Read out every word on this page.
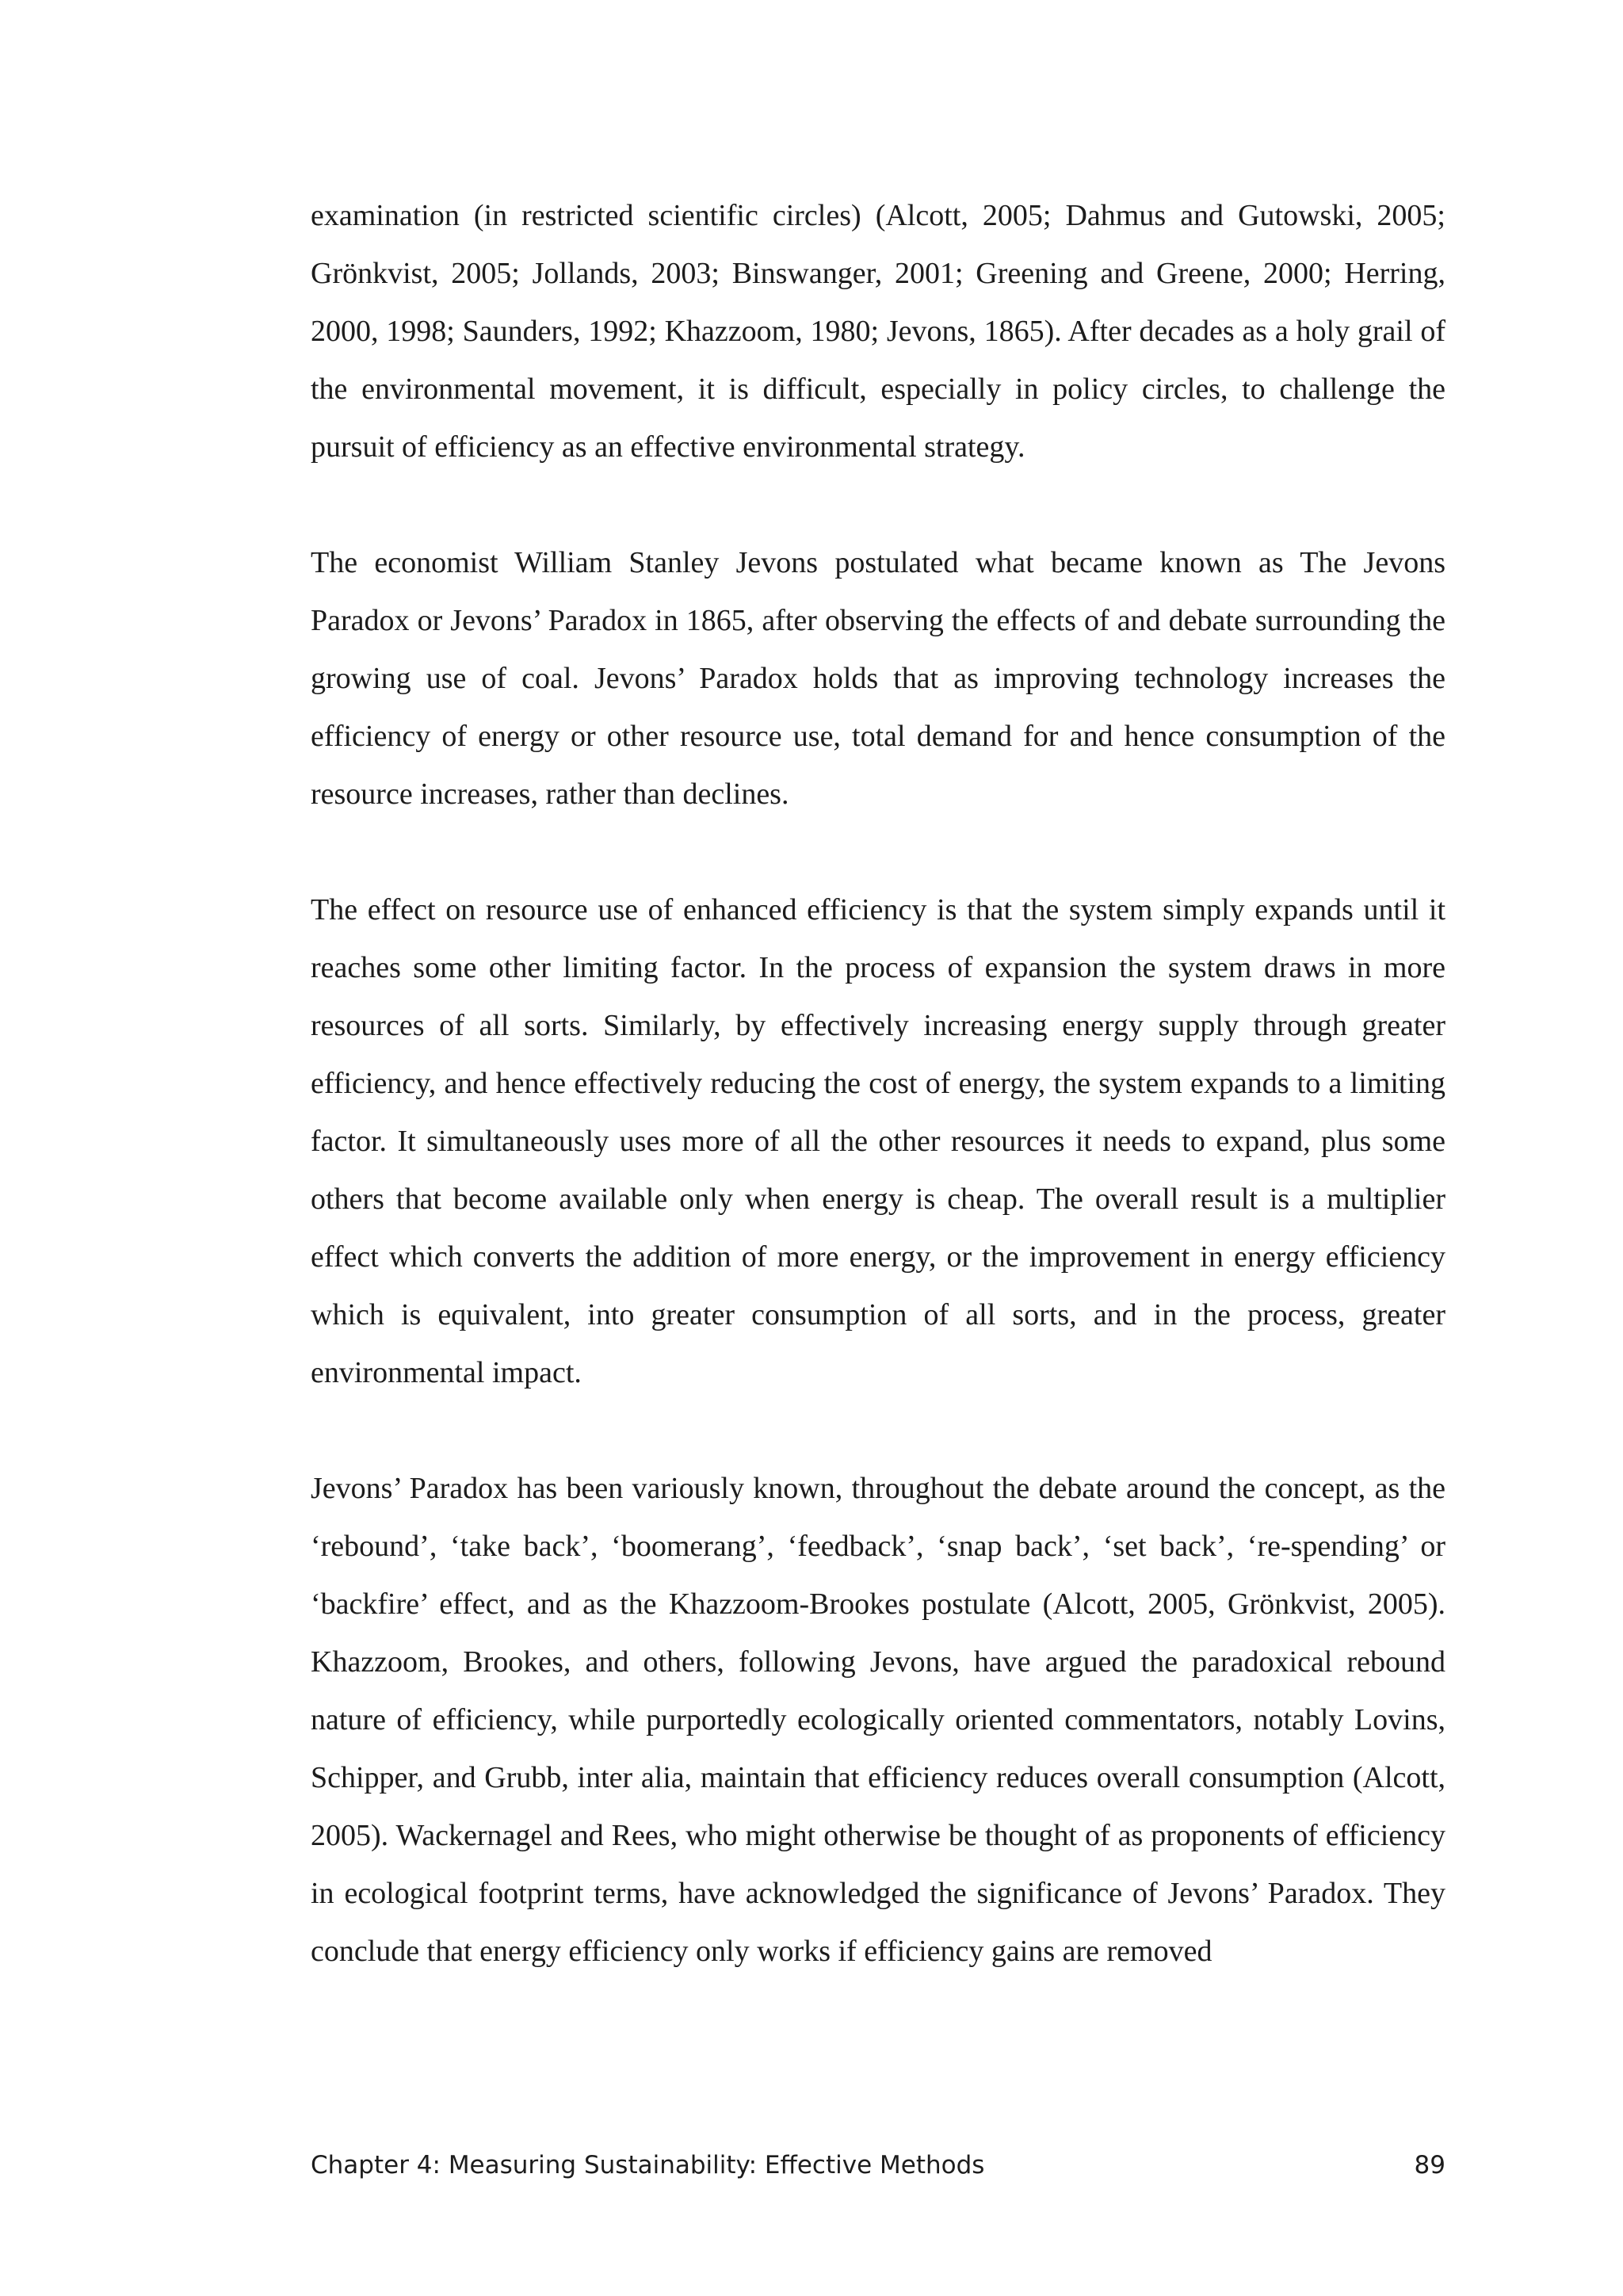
examination (in restricted scientific circles) (Alcott, 2005; Dahmus and Gutowski, 2005; Grönkvist, 2005; Jollands, 2003; Binswanger, 2001; Greening and Greene, 2000; Herring, 2000, 1998; Saunders, 1992; Khazzoom, 1980; Jevons, 1865). After decades as a holy grail of the environmental movement, it is difficult, especially in policy circles, to challenge the pursuit of efficiency as an effective environmental strategy.

The economist William Stanley Jevons postulated what became known as The Jevons Paradox or Jevons’ Paradox in 1865, after observing the effects of and debate surrounding the growing use of coal. Jevons’ Paradox holds that as improving technology increases the efficiency of energy or other resource use, total demand for and hence consumption of the resource increases, rather than declines.

The effect on resource use of enhanced efficiency is that the system simply expands until it reaches some other limiting factor. In the process of expansion the system draws in more resources of all sorts. Similarly, by effectively increasing energy supply through greater efficiency, and hence effectively reducing the cost of energy, the system expands to a limiting factor. It simultaneously uses more of all the other resources it needs to expand, plus some others that become available only when energy is cheap. The overall result is a multiplier effect which converts the addition of more energy, or the improvement in energy efficiency which is equivalent, into greater consumption of all sorts, and in the process, greater environmental impact.

Jevons’ Paradox has been variously known, throughout the debate around the concept, as the ‘rebound’, ‘take back’, ‘boomerang’, ‘feedback’, ‘snap back’, ‘set back’, ‘re-spending’ or ‘backfire’ effect, and as the Khazzoom-Brookes postulate (Alcott, 2005, Grönkvist, 2005). Khazzoom, Brookes, and others, following Jevons, have argued the paradoxical rebound nature of efficiency, while purportedly ecologically oriented commentators, notably Lovins, Schipper, and Grubb, inter alia, maintain that efficiency reduces overall consumption (Alcott, 2005). Wackernagel and Rees, who might otherwise be thought of as proponents of efficiency in ecological footprint terms, have acknowledged the significance of Jevons’ Paradox. They conclude that energy efficiency only works if efficiency gains are removed

Chapter 4: Measuring Sustainability: Effective Methods	89
